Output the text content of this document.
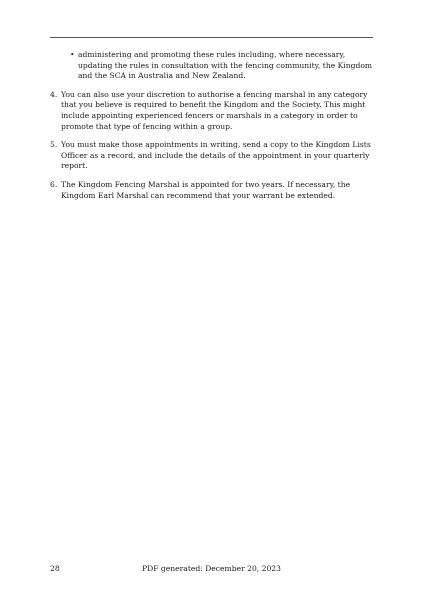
• administering and promoting these rules including, where necessary, updating the rules in consultation with the fencing community, the Kingdom and the SCA in Australia and New Zealand.
4. You can also use your discretion to authorise a fencing marshal in any category that you believe is required to benefit the Kingdom and the Society. This might include appointing experienced fencers or marshals in a category in order to promote that type of fencing within a group.
5. You must make those appointments in writing, send a copy to the Kingdom Lists Officer as a record, and include the details of the appointment in your quarterly report.
6. The Kingdom Fencing Marshal is appointed for two years. If necessary, the Kingdom Earl Marshal can recommend that your warrant be extended.
28	PDF generated: December 20, 2023
